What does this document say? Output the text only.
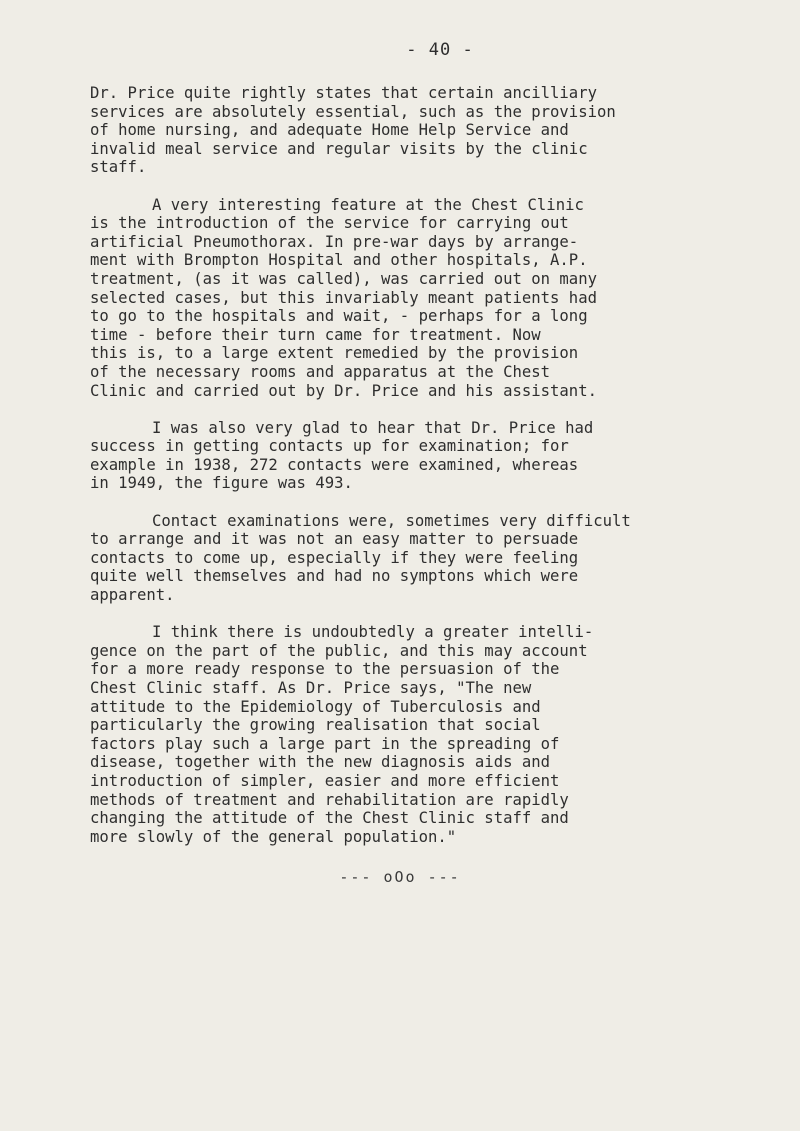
- 40 -

Dr. Price quite rightly states that certain ancilliary
services are absolutely essential, such as the provision
of home nursing, and adequate Home Help Service and
invalid meal service and regular visits by the clinic
staff.

A very interesting feature at the Chest Clinic
is the introduction of the service for carrying out
artificial Pneumothorax. In pre-war days by arrange-
ment with Brompton Hospital and other hospitals, A.P.
treatment, (as it was called), was carried out on many
selected cases, but this invariably meant patients had
to go to the hospitals and wait, - perhaps for a long
time - before their turn came for treatment. Now
this is, to a large extent remedied by the provision
of the necessary rooms and apparatus at the Chest
Clinic and carried out by Dr. Price and his assistant.

I was also very glad to hear that Dr. Price had
success in getting contacts up for examination; for
example in 1938, 272 contacts were examined, whereas
in 1949, the figure was 493.

Contact examinations were, sometimes very difficult
to arrange and it was not an easy matter to persuade
contacts to come up, especially if they were feeling
quite well themselves and had no symptons which were
apparent.

I think there is undoubtedly a greater intelli-
gence on the part of the public, and this may account
for a more ready response to the persuasion of the
Chest Clinic staff. As Dr. Price says, "The new
attitude to the Epidemiology of Tuberculosis and
particularly the growing realisation that social
factors play such a large part in the spreading of
disease, together with the new diagnosis aids and
introduction of simpler, easier and more efficient
methods of treatment and rehabilitation are rapidly
changing the attitude of the Chest Clinic staff and
more slowly of the general population."

--- oOo ---
